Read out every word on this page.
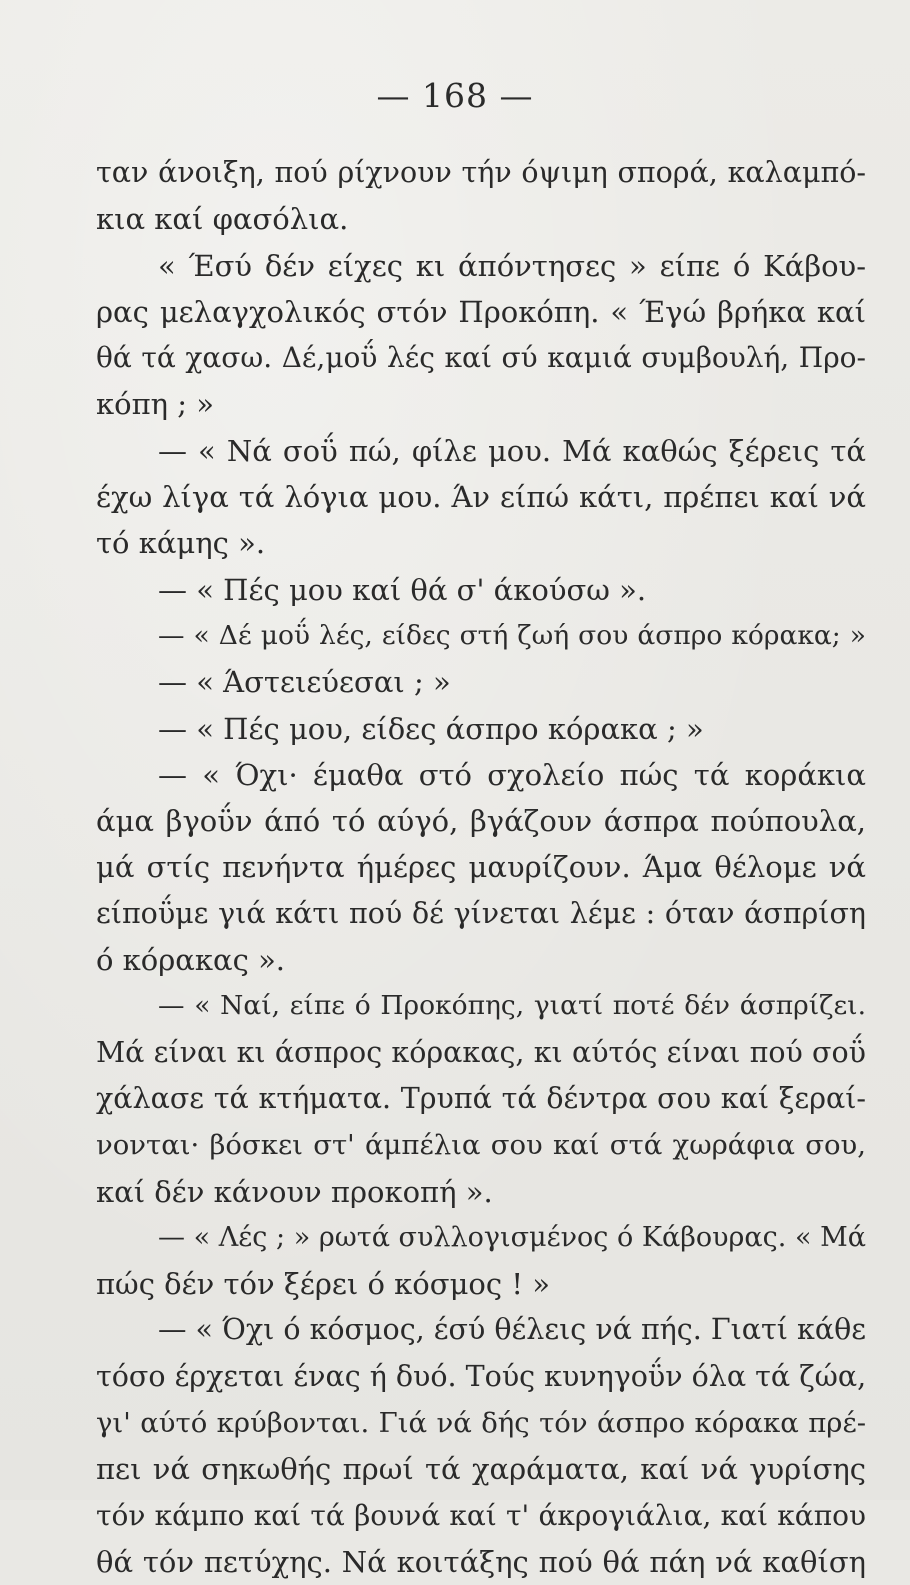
— 168 —
ταν άνοιξη, πού ρίχνουν τήν όψιμη σπορά, καλαμπό-
κια καί φασόλια.
« Έσύ δέν είχες κι άπόντησες » είπε ό Κάβου-
ρας μελαγχολικός στόν Προκόπη. « Έγώ βρήκα καί
θά τά χασω. Δέ,μοΰ λές καί σύ καμιά συμβουλή, Προ-
κόπη ; »
— « Νά σοΰ πώ, φίλε μου. Μά καθώς ξέρεις τά
έχω λίγα τά λόγια μου. Άν είπώ κάτι, πρέπει καί νά
τό κάμης ».
— « Πές μου καί θά σ' άκούσω ».
— « Δέ μοΰ λές, είδες στή ζωή σου άσπρο κόρακα; »
— « Άστειεύεσαι ; »
— « Πές μου, είδες άσπρο κόρακα ; »
— « Όχι· έμαθα στό σχολείο πώς τά κοράκια
άμα βγοΰν άπό τό αύγό, βγάζουν άσπρα πούπουλα,
μά στίς πενήντα ήμέρες μαυρίζουν. Άμα θέλομε νά
είποΰμε γιά κάτι πού δέ γίνεται λέμε : όταν άσπρίση
ό κόρακας ».
— « Ναί, είπε ό Προκόπης, γιατί ποτέ δέν άσπρίζει.
Μά είναι κι άσπρος κόρακας, κι αύτός είναι πού σοΰ
χάλασε τά κτήματα. Τρυπά τά δέντρα σου καί ξεραί-
νονται· βόσκει στ' άμπέλια σου καί στά χωράφια σου,
καί δέν κάνουν προκοπή ».
— « Λές ; » ρωτά συλλογισμένος ό Κάβουρας. « Μά
πώς δέν τόν ξέρει ό κόσμος ! »
— « Όχι ό κόσμος, έσύ θέλεις νά πής. Γιατί κάθε
τόσο έρχεται ένας ή δυό. Τούς κυνηγοΰν όλα τά ζώα,
γι' αύτό κρύβονται. Γιά νά δής τόν άσπρο κόρακα πρέ-
πει νά σηκωθής πρωί τά χαράματα, καί νά γυρίσης
τόν κάμπο καί τά βουνά καί τ' άκρογιάλια, καί κάπου
θά τόν πετύχης. Νά κοιτάξης πού θά πάη νά καθίση
